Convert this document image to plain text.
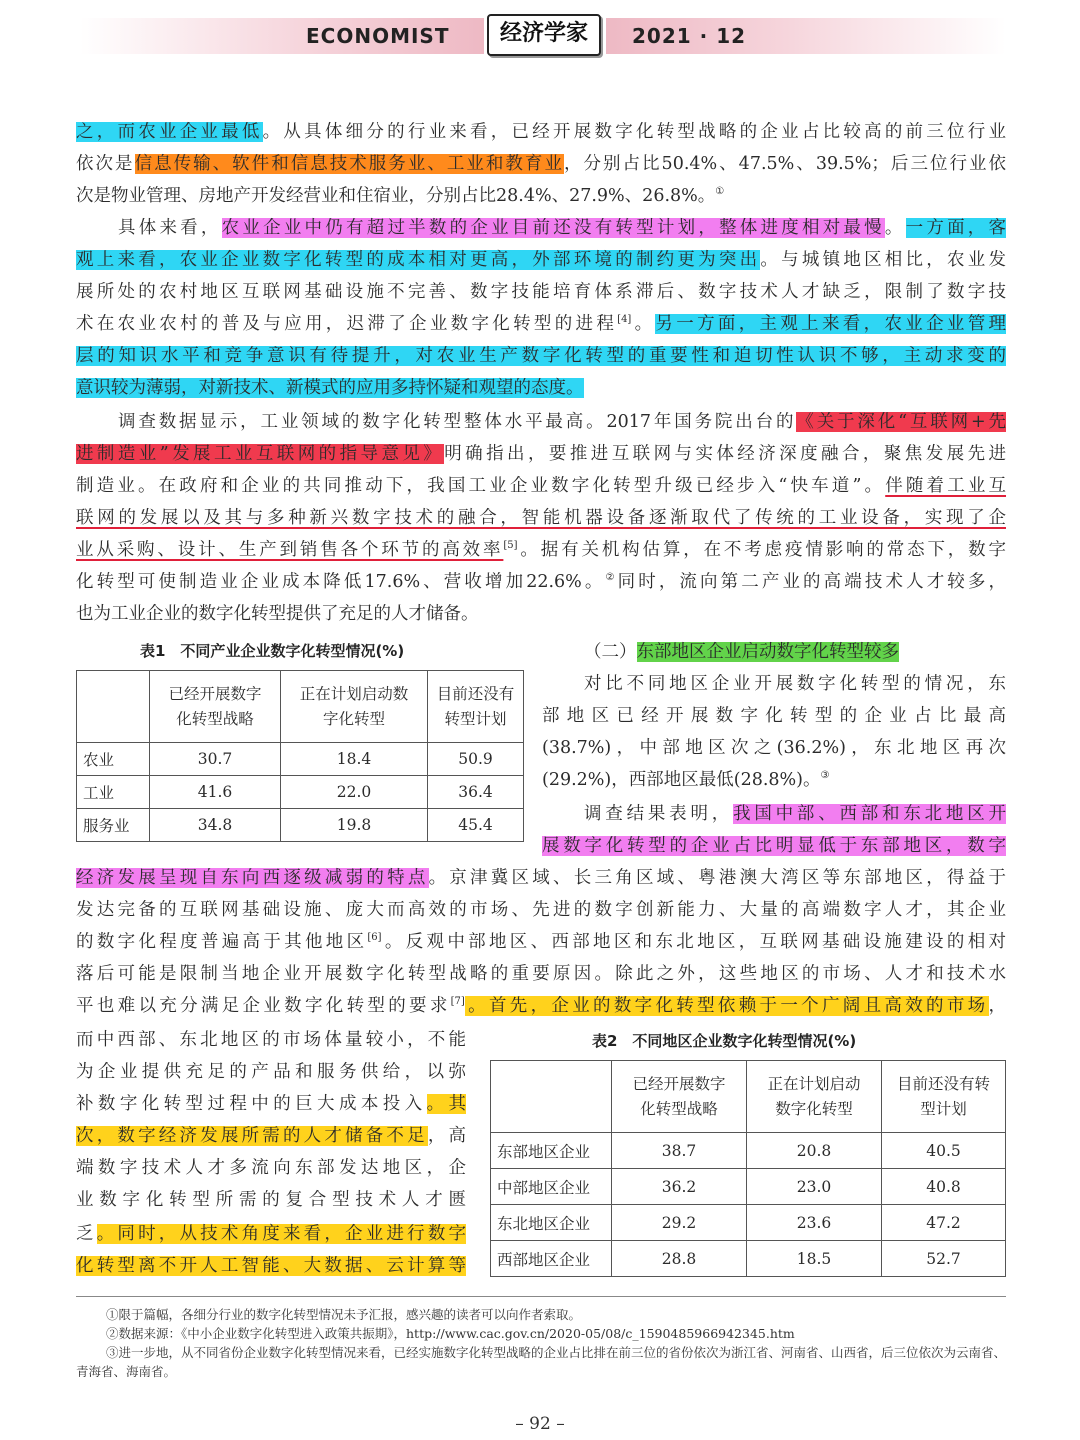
ECONOMIST	经济学家	2021 · 12
之，而农业企业最低。从具体细分的行业来看，已经开展数字化转型战略的企业占比较高的前三位行业
依次是信息传输、软件和信息技术服务业、工业和教育业，分别占比50.4%、47.5%、39.5%；后三位行业依
次是物业管理、房地产开发经营业和住宿业，分别占比28.4%、27.9%、26.8%。①
具体来看，农业企业中仍有超过半数的企业目前还没有转型计划，整体进度相对最慢。一方面，客
观上来看，农业企业数字化转型的成本相对更高，外部环境的制约更为突出。与城镇地区相比，农业发
展所处的农村地区互联网基础设施不完善、数字技能培育体系滞后、数字技术人才缺乏，限制了数字技
术在农业农村的普及与应用，迟滞了企业数字化转型的进程[4]。另一方面，主观上来看，农业企业管理
层的知识水平和竞争意识有待提升，对农业生产数字化转型的重要性和迫切性认识不够，主动求变的
意识较为薄弱，对新技术、新模式的应用多持怀疑和观望的态度。
调查数据显示，工业领域的数字化转型整体水平最高。2017年国务院出台的《关于深化“互联网+先
进制造业”发展工业互联网的指导意见》明确指出，要推进互联网与实体经济深度融合，聚焦发展先进
制造业。在政府和企业的共同推动下，我国工业企业数字化转型升级已经步入“快车道”。伴随着工业互
联网的发展以及其与多种新兴数字技术的融合，智能机器设备逐渐取代了传统的工业设备，实现了企
业从采购、设计、生产到销售各个环节的高效率[5]。据有关机构估算，在不考虑疫情影响的常态下，数字
化转型可使制造业企业成本降低17.6%、营收增加22.6%。②同时，流向第二产业的高端技术人才较多，
也为工业企业的数字化转型提供了充足的人才储备。
表1　不同产业企业数字化转型情况(%)
	已经开展数字
化转型战略	正在计划启动数
字化转型	目前还没有
转型计划
农业	30.7	18.4	50.9
工业	41.6	22.0	36.4
服务业	34.8	19.8	45.4
（二）东部地区企业启动数字化转型较多
对比不同地区企业开展数字化转型的情况，东
部地区已经开展数字化转型的企业占比最高
(38.7%)，中部地区次之(36.2%)，东北地区再次
(29.2%)，西部地区最低(28.8%)。③
调查结果表明，我国中部、西部和东北地区开
展数字化转型的企业占比明显低于东部地区，数字
经济发展呈现自东向西逐级减弱的特点。京津冀区域、长三角区域、粤港澳大湾区等东部地区，得益于
发达完备的互联网基础设施、庞大而高效的市场、先进的数字创新能力、大量的高端数字人才，其企业
的数字化程度普遍高于其他地区[6]。反观中部地区、西部地区和东北地区，互联网基础设施建设的相对
落后可能是限制当地企业开展数字化转型战略的重要原因。除此之外，这些地区的市场、人才和技术水
平也难以充分满足企业数字化转型的要求[7]。首先，企业的数字化转型依赖于一个广阔且高效的市场，
而中西部、东北地区的市场体量较小，不能
为企业提供充足的产品和服务供给，以弥
补数字化转型过程中的巨大成本投入。其
次，数字经济发展所需的人才储备不足，高
端数字技术人才多流向东部发达地区，企
业数字化转型所需的复合型技术人才匮
乏。同时，从技术角度来看，企业进行数字
化转型离不开人工智能、大数据、云计算等
表2　不同地区企业数字化转型情况(%)
	已经开展数字
化转型战略	正在计划启动
数字化转型	目前还没有转
型计划
东部地区企业	38.7	20.8	40.5
中部地区企业	36.2	23.0	40.8
东北地区企业	29.2	23.6	47.2
西部地区企业	28.8	18.5	52.7
①限于篇幅，各细分行业的数字化转型情况未予汇报，感兴趣的读者可以向作者索取。
②数据来源：《中小企业数字化转型进入政策共振期》，http://www.cac.gov.cn/2020-05/08/c_1590485966942345.htm
③进一步地，从不同省份企业数字化转型情况来看，已经实施数字化转型战略的企业占比排在前三位的省份依次为浙江省、河南省、山西省，后三位依次为云南省、青海省、海南省。
– 92 –
